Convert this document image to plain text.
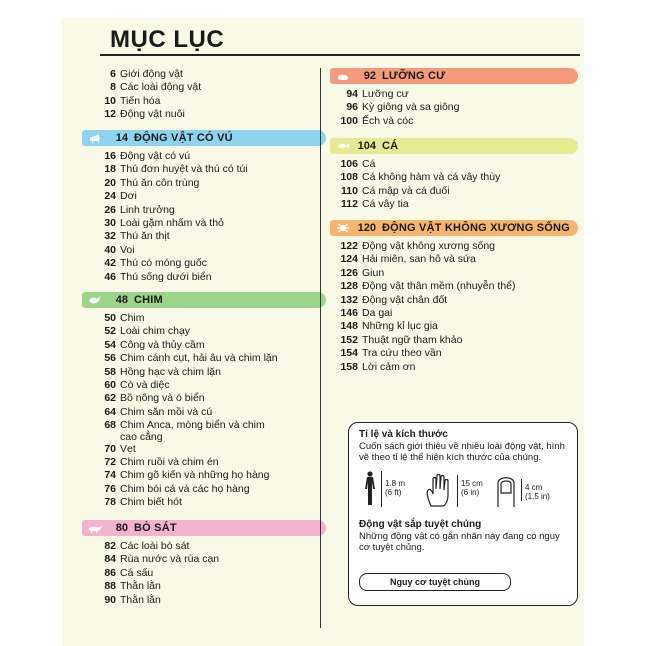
MỤC LỤC
6 Giới động vật
8 Các loài động vật
10 Tiến hóa
12 Động vật nuôi
14 ĐỘNG VẬT CÓ VÚ
16 Động vật có vú
18 Thú đơn huyệt và thú có túi
20 Thú ăn côn trùng
24 Dơi
26 Linh trưởng
30 Loài gặm nhấm và thỏ
32 Thú ăn thịt
40 Voi
42 Thú có móng guốc
46 Thú sống dưới biển
48 CHIM
50 Chim
52 Loài chim chạy
54 Công và thủy cầm
56 Chim cánh cụt, hải âu và chim lặn
58 Hồng hạc và chim lặn
60 Cò và diệc
62 Bồ nông và ó biển
64 Chim săn mồi và cú
68 Chim Anca, mòng biển và chim cao cẳng
70 Vẹt
72 Chim ruồi và chim én
74 Chim gõ kiến và những họ hàng
76 Chim bói cá và các họ hàng
78 Chim biết hót
80 BÒ SÁT
82 Các loài bò sát
84 Rùa nước và rùa cạn
86 Cá sấu
88 Thằn lằn
90 Thằn lằn
92 LƯỠNG CƯ
94 Lưỡng cư
96 Kỳ giông và sa giông
100 Ếch và cóc
104 CÁ
106 Cá
108 Cá không hàm và cá vây thùy
110 Cá mập và cá đuối
112 Cá vây tia
120 ĐỘNG VẬT KHÔNG XƯƠNG SỐNG
122 Động vật không xương sống
124 Hải miên, san hô và sứa
126 Giun
128 Động vật thân mềm (nhuyễn thể)
132 Động vật chân đốt
146 Da gai
148 Những kỉ lục gia
152 Thuật ngữ tham khảo
154 Tra cứu theo vần
158 Lời cảm ơn
Tỉ lệ và kích thước
Cuốn sách giới thiệu về nhiều loài động vật, hình vẽ theo tỉ lệ thể hiện kích thước của chúng.
1.8 m
(6 ft)
15 cm
(6 in)
4 cm
(1.5 in)
Động vật sắp tuyệt chủng
Những động vật có gắn nhãn này đang có nguy cơ tuyệt chủng.
Nguy cơ tuyệt chủng
